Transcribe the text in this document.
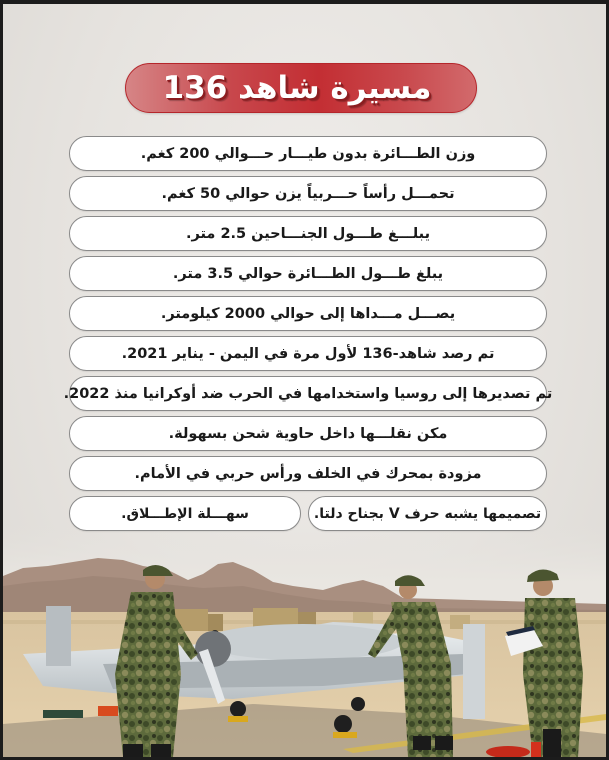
مسيرة شاهد 136
وزن الطـــائرة بدون طيـــار حـــوالي 200 كغم.
تحمـــل رأساً حـــربياً يزن حوالي 50 كغم.
يبلـــغ طـــول الجنـــاحين 2.5 متر.
يبلغ طـــول الطـــائرة حوالي 3.5 متر.
يصـــل مـــداها إلى حوالي 2000 كيلومتر.
تم رصد شاهد-136 لأول مرة في اليمن - يناير 2021.
تم تصديرها إلى روسيا واستخدامها في الحرب ضد أوكرانيا منذ 2022.
مكن نقلـــها داخل حاوية شحن بسهولة.
مزودة بمحرك في الخلف ورأس حربي في الأمام.
تصميمها يشبه حرف V بجناح دلتا.
سهـــلة الإطـــلاق.
